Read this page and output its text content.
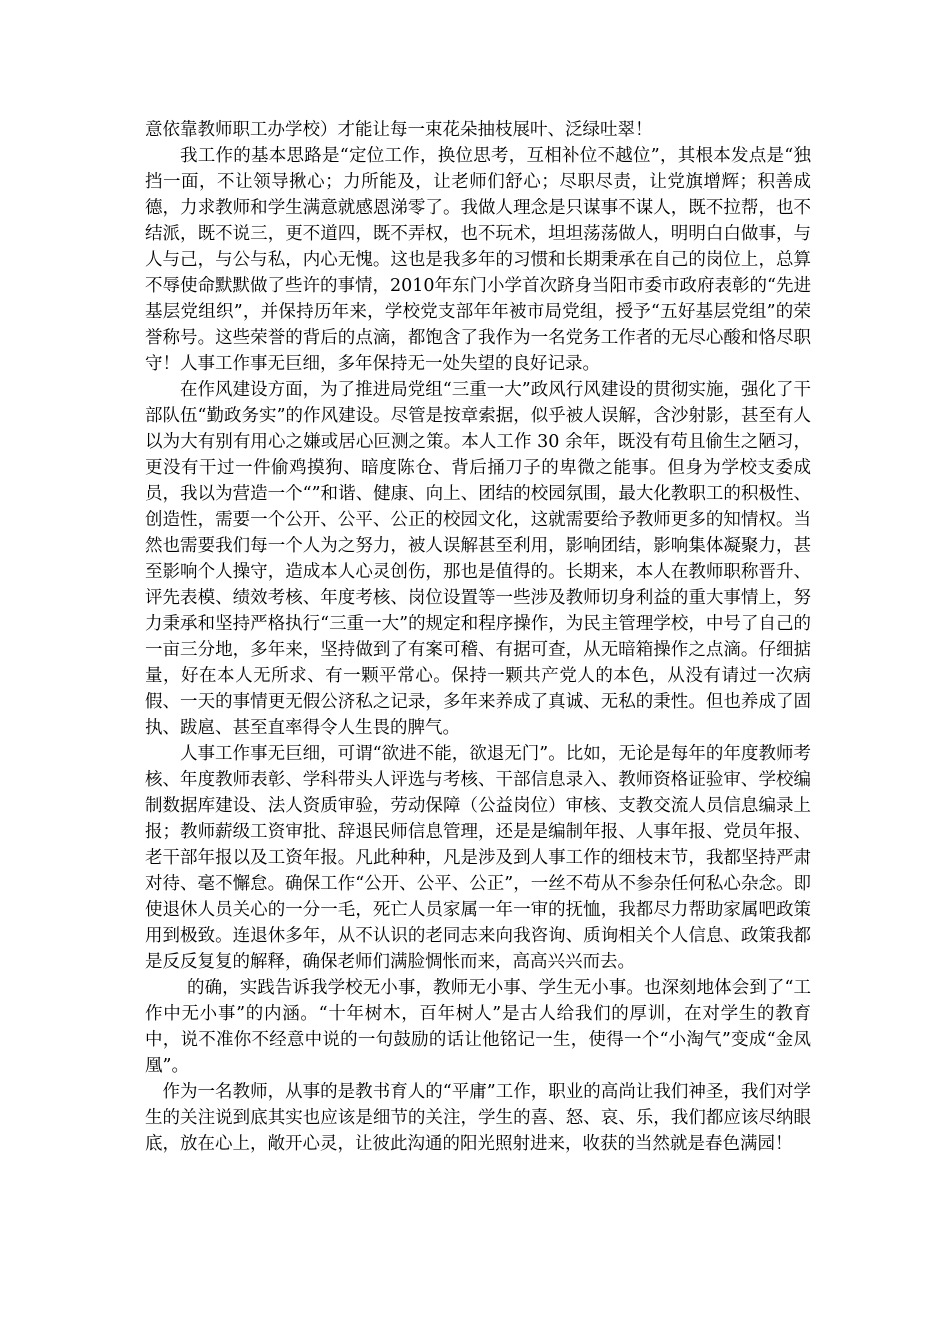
意依靠教师职工办学校）才能让每一束花朵抽枝展叶、泛绿吐翠！

我工作的基本思路是“定位工作，换位思考，互相补位不越位”，其根本发点是“独挡一面，不让领导揪心；力所能及，让老师们舒心；尽职尽责，让党旗增辉；积善成德，力求教师和学生满意就感恩涕零了。我做人理念是只谋事不谋人，既不拉帮，也不结派，既不说三，更不道四，既不弄权，也不玩术，坦坦荡荡做人，明明白白做事，与人与己，与公与私，内心无愧。这也是我多年的习惯和长期秉承在自己的岗位上，总算不辱使命默默做了些许的事情，2010年东门小学首次跻身当阳市委市政府表彰的“先进基层党组织”，并保持历年来，学校党支部年年被市局党组，授予“五好基层党组”的荣誉称号。这些荣誉的背后的点滴，都饱含了我作为一名党务工作者的无尽心酸和恪尽职守！人事工作事无巨细，多年保持无一处失望的良好记录。

在作风建设方面，为了推进局党组“三重一大”政风行风建设的贯彻实施，强化了干部队伍“勤政务实”的作风建设。尽管是按章索据，似乎被人误解，含沙射影，甚至有人以为大有别有用心之嫌或居心叵测之策。本人工作 30 余年，既没有苟且偷生之陋习，更没有干过一件偷鸡摸狗、暗度陈仓、背后捅刀子的卑微之能事。但身为学校支委成员，我以为营造一个“”和谐、健康、向上、团结的校园氛围，最大化教职工的积极性、创造性，需要一个公开、公平、公正的校园文化，这就需要给予教师更多的知情权。当然也需要我们每一个人为之努力，被人误解甚至利用，影响团结，影响集体凝聚力，甚至影响个人操守，造成本人心灵创伤，那也是值得的。长期来，本人在教师职称晋升、评先表模、绩效考核、年度考核、岗位设置等一些涉及教师切身利益的重大事情上，努力秉承和坚持严格执行“三重一大”的规定和程序操作，为民主管理学校，中号了自己的一亩三分地，多年来，坚持做到了有案可稽、有据可查，从无暗箱操作之点滴。仔细掂量，好在本人无所求、有一颗平常心。保持一颗共产党人的本色，从没有请过一次病假、一天的事情更无假公济私之记录，多年来养成了真诚、无私的秉性。但也养成了固执、跋扈、甚至直率得令人生畏的脾气。

人事工作事无巨细，可谓“欲进不能，欲退无门”。比如，无论是每年的年度教师考核、年度教师表彰、学科带头人评选与考核、干部信息录入、教师资格证验审、学校编制数据库建设、法人资质审验，劳动保障（公益岗位）审核、支教交流人员信息编录上报；教师薪级工资审批、辞退民师信息管理，还是是编制年报、人事年报、党员年报、老干部年报以及工资年报。凡此种种，凡是涉及到人事工作的细枝末节，我都坚持严肃对待、毫不懈怠。确保工作“公开、公平、公正”，一丝不苟从不参杂任何私心杂念。即使退休人员关心的一分一毛，死亡人员家属一年一审的抚恤，我都尽力帮助家属吧政策用到极致。连退休多年，从不认识的老同志来向我咨询、质询相关个人信息、政策我都是反反复复的解释，确保老师们满脸惆怅而来，高高兴兴而去。

的确，实践告诉我学校无小事，教师无小事、学生无小事。也深刻地体会到了“工作中无小事”的内涵。“十年树木，百年树人”是古人给我们的厚训，在对学生的教育中，说不准你不经意中说的一句鼓励的话让他铭记一生，使得一个“小淘气”变成“金凤凰”。

作为一名教师，从事的是教书育人的“平庸”工作，职业的高尚让我们神圣，我们对学生的关注说到底其实也应该是细节的关注，学生的喜、怒、哀、乐，我们都应该尽纳眼底，放在心上，敞开心灵，让彼此沟通的阳光照射进来，收获的当然就是春色满园！
